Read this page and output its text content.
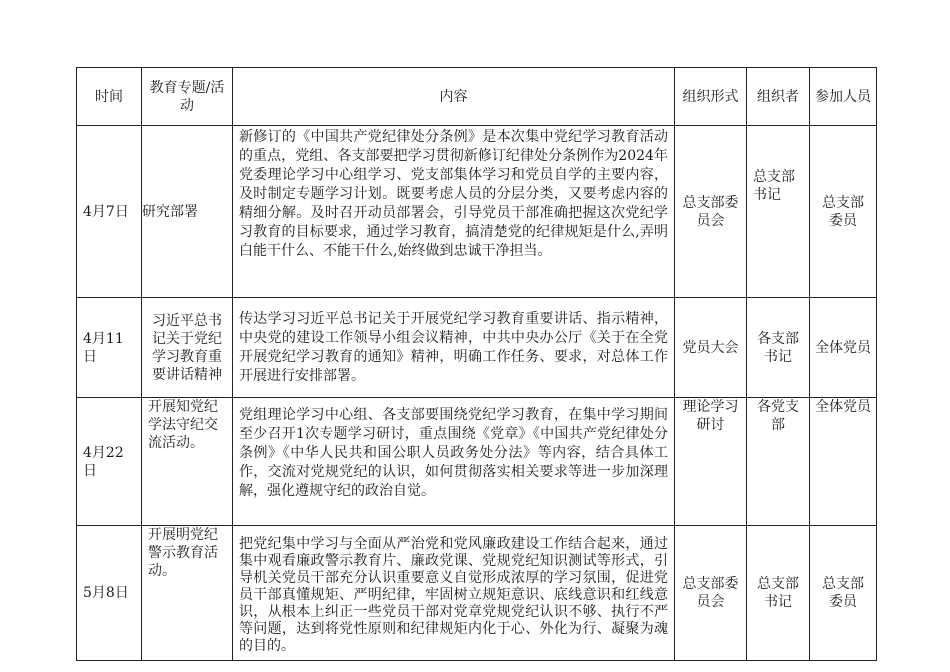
时间	教育专题/活动	内容	组织形式	组织者	参加人员
4月7日	研究部署	新修订的《中国共产党纪律处分条例》是本次集中党纪学习教育活动的重点，党组、各支部要把学习贯彻新修订纪律处分条例作为2024年党委理论学习中心组学习、党支部集体学习和党员自学的主要内容，及时制定专题学习计划。既要考虑人员的分层分类，又要考虑内容的精细分解。及时召开动员部署会，引导党员干部准确把握这次党纪学习教育的目标要求，通过学习教育，搞清楚党的纪律规矩是什么,弄明白能干什么、不能干什么,始终做到忠诚干净担当。	总支部委员会	总支部书记	总支部委员
4月11日	习近平总书记关于党纪学习教育重要讲话精神	传达学习习近平总书记关于开展党纪学习教育重要讲话、指示精神，中央党的建设工作领导小组会议精神，中共中央办公厅《关于在全党开展党纪学习教育的通知》精神，明确工作任务、要求，对总体工作开展进行安排部署。	党员大会	各支部书记	全体党员
4月22日	开展知党纪学法守纪交流活动。	党组理论学习中心组、各支部要围绕党纪学习教育，在集中学习期间至少召开1次专题学习研讨，重点围绕《党章》《中国共产党纪律处分条例》《中华人民共和国公职人员政务处分法》等内容，结合具体工作，交流对党规党纪的认识，如何贯彻落实相关要求等进一步加深理解，强化遵规守纪的政治自觉。	理论学习研讨	各党支部	全体党员
5月8日	开展明党纪警示教育活动。	把党纪集中学习与全面从严治党和党风廉政建设工作结合起来，通过集中观看廉政警示教育片、廉政党课、党规党纪知识测试等形式，引导机关党员干部充分认识重要意义自觉形成浓厚的学习氛围，促进党员干部真懂规矩、严明纪律，牢固树立规矩意识、底线意识和红线意识，从根本上纠正一些党员干部对党章党规党纪认识不够、执行不严等问题，达到将党性原则和纪律规矩内化于心、外化为行、凝聚为魂的目的。	总支部委员会	总支部书记	总支部委员
